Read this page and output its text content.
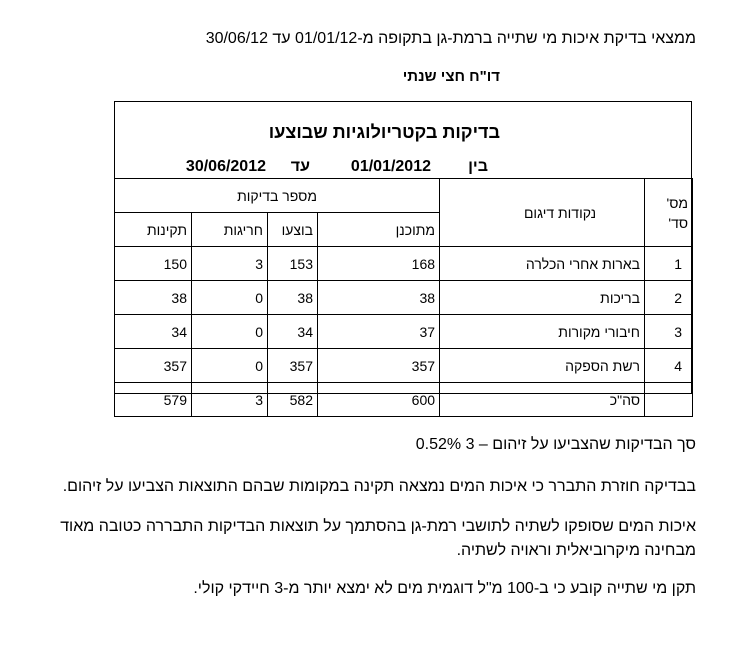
ממצאי בדיקת איכות מי שתייה ברמת-גן בתקופה מ-01/01/12 עד 30/06/12
דו"ח חצי שנתי
בדיקות בקטריולוגיות שבוצעו
בין
01/01/2012
עד
30/06/2012
מספר בדיקות				נקודות דיגום	מס'
סד'

תקינות	חריגות	בוצעו	מתוכנן		
150	3	153	168	בארות אחרי הכלרה	1
38	0	38	38	בריכות	2
34	0	34	37	חיבורי מקורות	3
357	0	357	357	רשת הספקה	4
579	3	582	600	סה"כ	
סך הבדיקות שהצביעו על זיהום – 3 0.52%
בבדיקה חוזרת התברר כי איכות המים נמצאה תקינה במקומות שבהם התוצאות הצביעו על זיהום.
איכות המים שסופקו לשתיה לתושבי רמת-גן בהסתמך על תוצאות הבדיקות התבררה כטובה מאוד מבחינה מיקרוביאלית וראויה לשתיה.
תקן מי שתייה קובע כי ב-100 מ"ל דוגמית מים לא ימצא יותר מ-3 חיידקי קולי.
